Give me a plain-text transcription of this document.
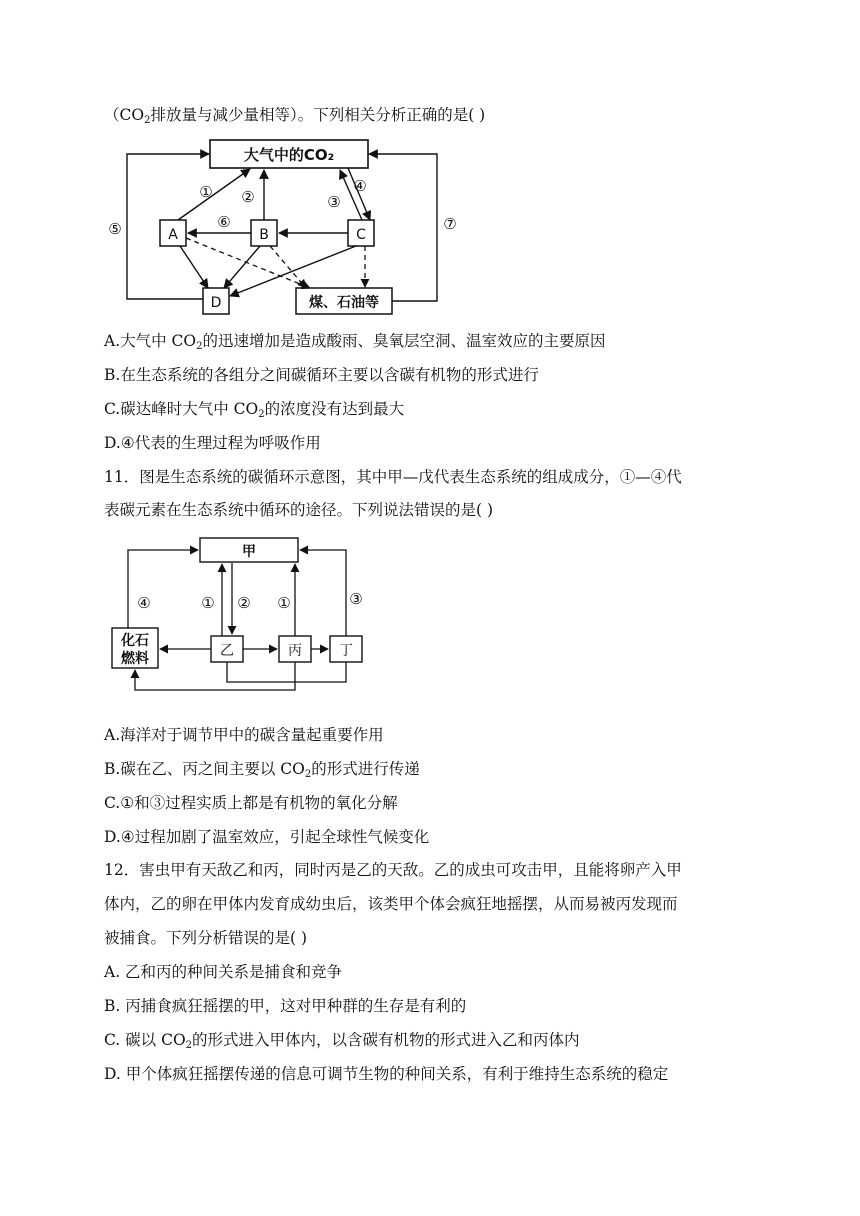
（$CO_2$排放量与减少量相等）。下列相关分析正确的是( )
大气中的CO₂
A	B	C
D	煤、石油等
① ②	③
④
⑤	⑥	⑦
A.大气中 $CO_2$的迅速增加是造成酸雨、臭氧层空洞、温室效应的主要原因
B.在生态系统的各组分之间碳循环主要以含碳有机物的形式进行
C.碳达峰时大气中 $CO_2$的浓度没有达到最大
D.④代表的生理过程为呼吸作用
11．图是生态系统的碳循环示意图，其中甲—戊代表生态系统的组成成分，①—④代
表碳元素在生态系统中循环的途径。下列说法错误的是( )
甲
化石
燃料	乙	丙	丁
④	① ② ①	③
A.海洋对于调节甲中的碳含量起重要作用
B.碳在乙、丙之间主要以 $CO_2$的形式进行传递
C.①和③过程实质上都是有机物的氧化分解
D.④过程加剧了温室效应，引起全球性气候变化
12．害虫甲有天敌乙和丙，同时丙是乙的天敌。乙的成虫可攻击甲，且能将卵产入甲
体内，乙的卵在甲体内发育成幼虫后，该类甲个体会疯狂地摇摆，从而易被丙发现而
被捕食。下列分析错误的是( )
A. 乙和丙的种间关系是捕食和竞争
B. 丙捕食疯狂摇摆的甲，这对甲种群的生存是有利的
C. 碳以 $CO_2$的形式进入甲体内，以含碳有机物的形式进入乙和丙体内
D. 甲个体疯狂摇摆传递的信息可调节生物的种间关系，有利于维持生态系统的稳定
